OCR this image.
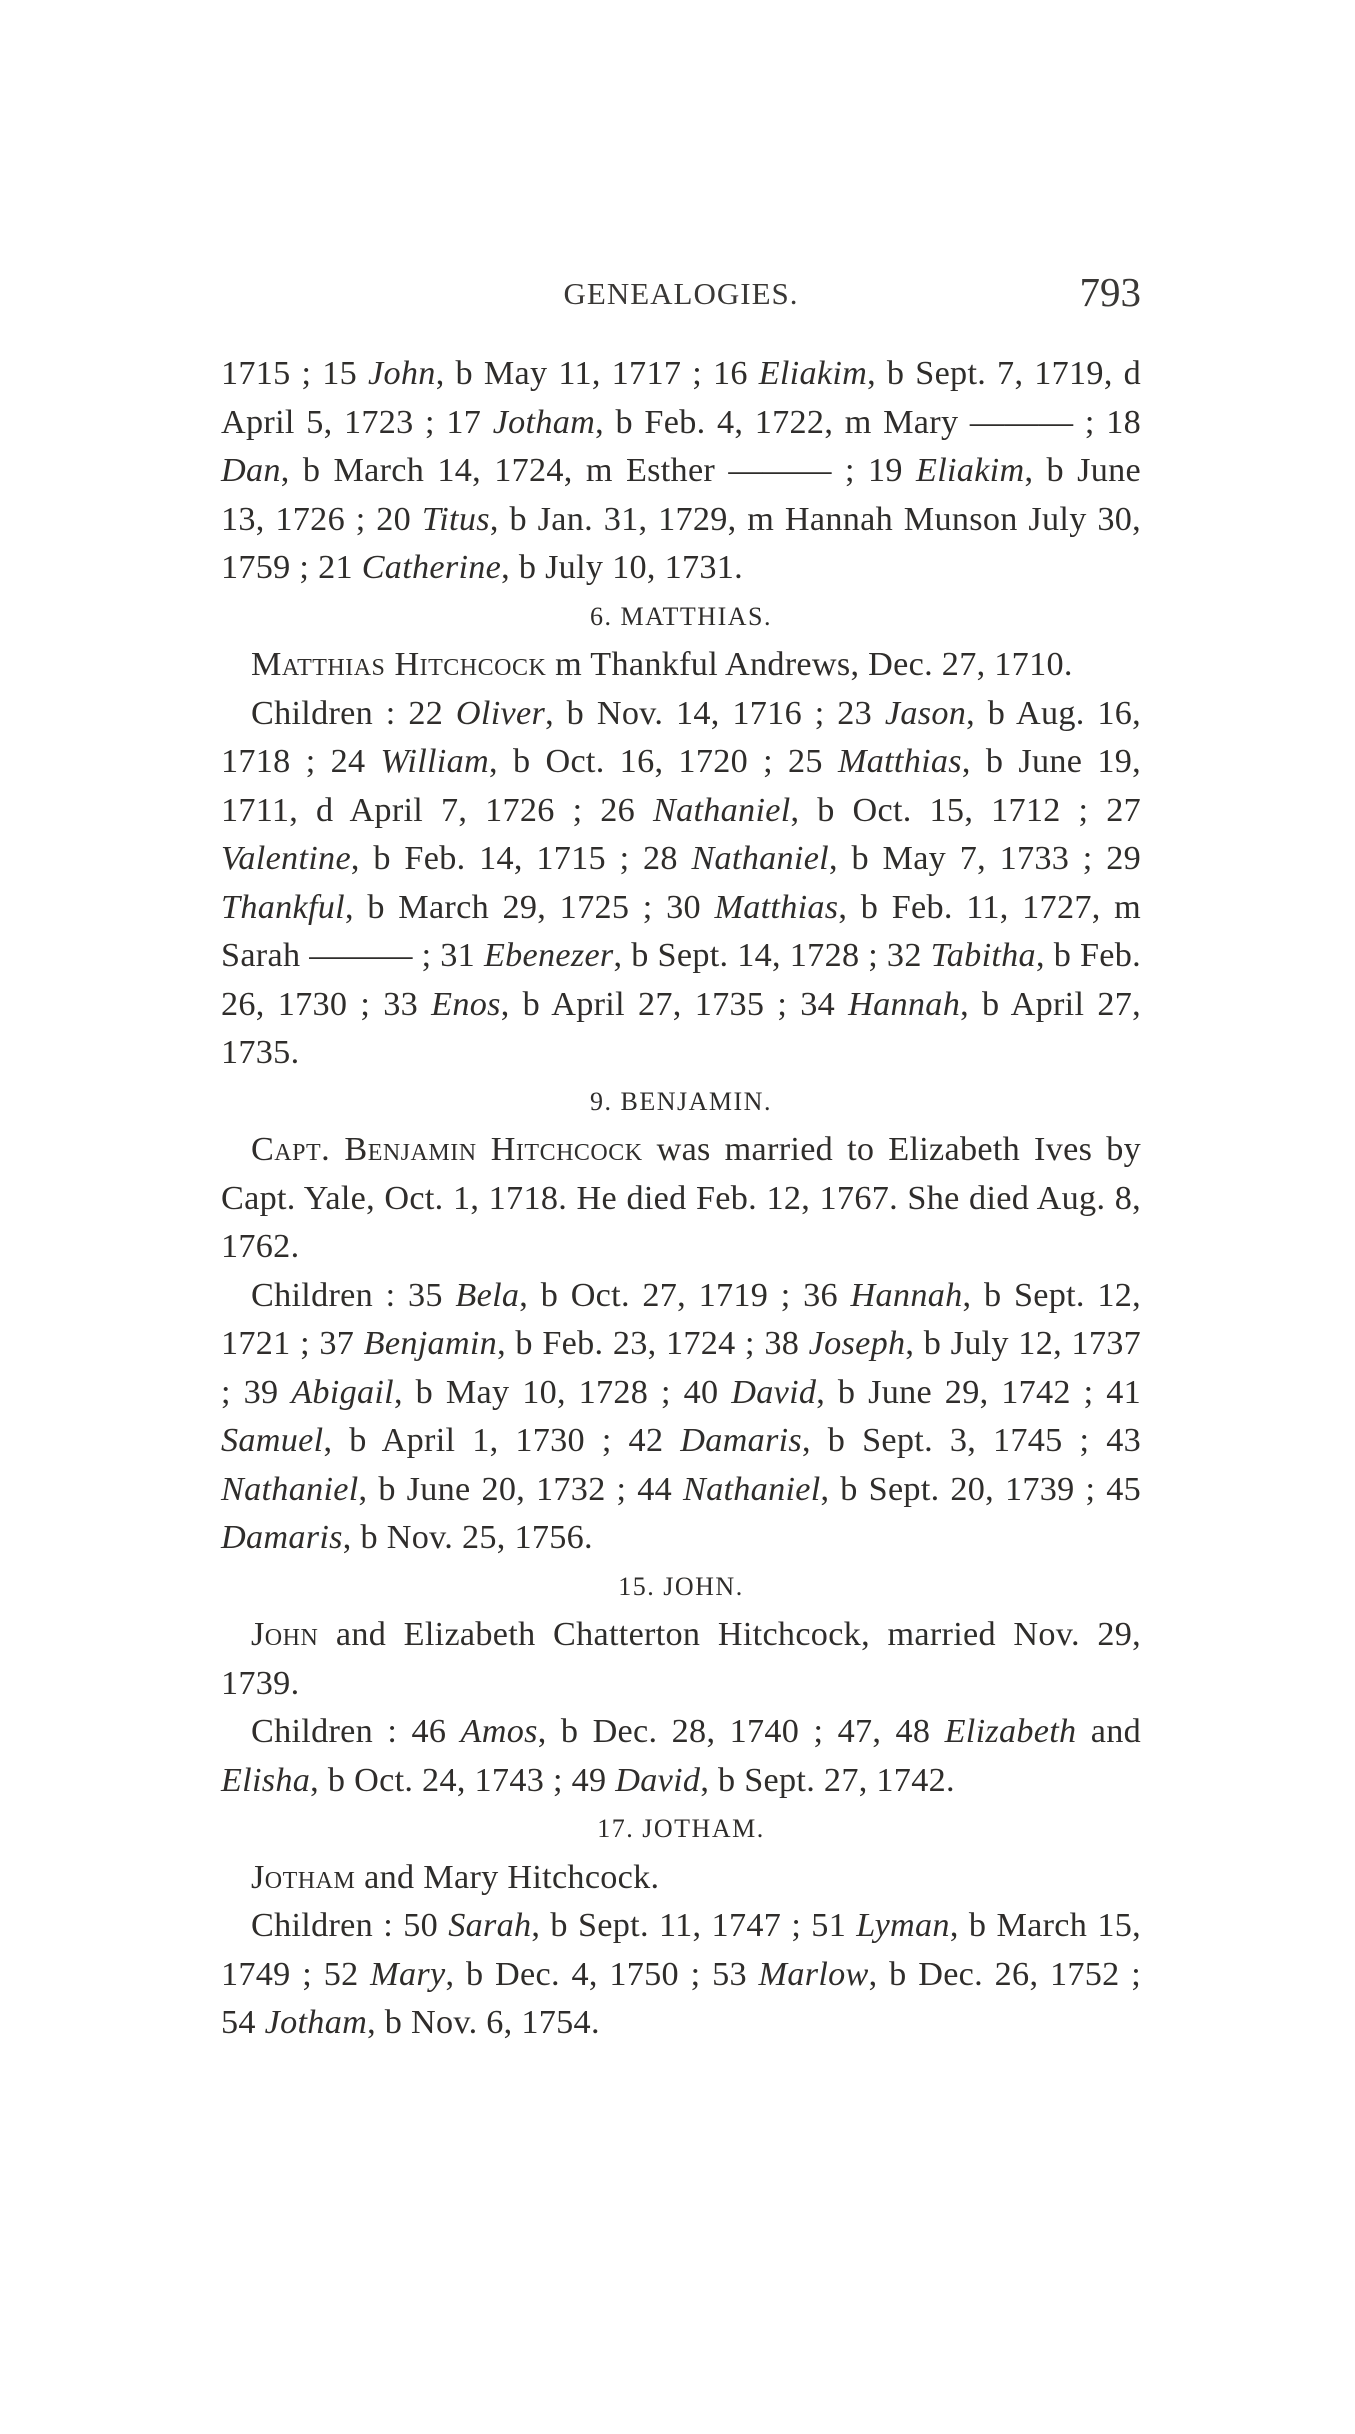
GENEALOGIES.	793

1715 ; 15 John, b May 11, 1717 ; 16 Eliakim, b Sept. 7, 1719, d April 5, 1723 ; 17 Jotham, b Feb. 4, 1722, m Mary ——— ; 18 Dan, b March 14, 1724, m Esther ——— ; 19 Eliakim, b June 13, 1726 ; 20 Titus, b Jan. 31, 1729, m Hannah Munson July 30, 1759 ; 21 Catherine, b July 10, 1731.

6. MATTHIAS.

Matthias Hitchcock m Thankful Andrews, Dec. 27, 1710.

Children : 22 Oliver, b Nov. 14, 1716 ; 23 Jason, b Aug. 16, 1718 ; 24 William, b Oct. 16, 1720 ; 25 Matthias, b June 19, 1711, d April 7, 1726 ; 26 Nathaniel, b Oct. 15, 1712 ; 27 Valentine, b Feb. 14, 1715 ; 28 Nathaniel, b May 7, 1733 ; 29 Thankful, b March 29, 1725 ; 30 Matthias, b Feb. 11, 1727, m Sarah ——— ; 31 Ebenezer, b Sept. 14, 1728 ; 32 Tabitha, b Feb. 26, 1730 ; 33 Enos, b April 27, 1735 ; 34 Hannah, b April 27, 1735.

9. BENJAMIN.

Capt. Benjamin Hitchcock was married to Elizabeth Ives by Capt. Yale, Oct. 1, 1718. He died Feb. 12, 1767. She died Aug. 8, 1762.

Children : 35 Bela, b Oct. 27, 1719 ; 36 Hannah, b Sept. 12, 1721 ; 37 Benjamin, b Feb. 23, 1724 ; 38 Joseph, b July 12, 1737 ; 39 Abigail, b May 10, 1728 ; 40 David, b June 29, 1742 ; 41 Samuel, b April 1, 1730 ; 42 Damaris, b Sept. 3, 1745 ; 43 Nathaniel, b June 20, 1732 ; 44 Nathaniel, b Sept. 20, 1739 ; 45 Damaris, b Nov. 25, 1756.

15. JOHN.

John and Elizabeth Chatterton Hitchcock, married Nov. 29, 1739.

Children : 46 Amos, b Dec. 28, 1740 ; 47, 48 Elizabeth and Elisha, b Oct. 24, 1743 ; 49 David, b Sept. 27, 1742.

17. JOTHAM.

Jotham and Mary Hitchcock.

Children : 50 Sarah, b Sept. 11, 1747 ; 51 Lyman, b March 15, 1749 ; 52 Mary, b Dec. 4, 1750 ; 53 Marlow, b Dec. 26, 1752 ; 54 Jotham, b Nov. 6, 1754.
